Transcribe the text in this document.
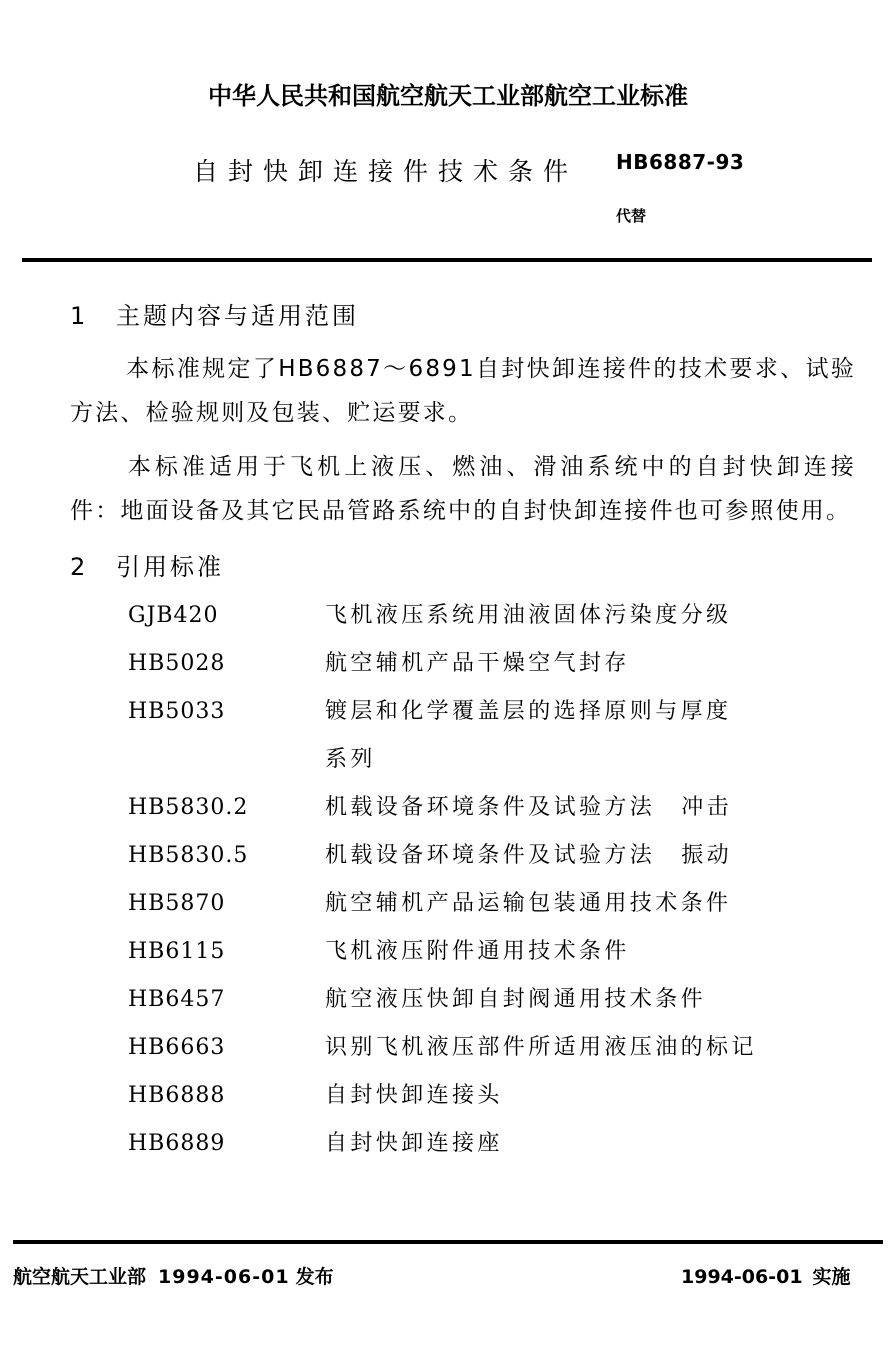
中华人民共和国航空航天工业部航空工业标准
自封快卸连接件技术条件 HB6887-93
代替
1 主题内容与适用范围

本标准规定了HB6887～6891自封快卸连接件的技术要求、试验方法、检验规则及包装、贮运要求。

本标准适用于飞机上液压、燃油、滑油系统中的自封快卸连接件：地面设备及其它民品管路系统中的自封快卸连接件也可参照使用。

2 引用标准
GJB420	飞机液压系统用油液固体污染度分级
HB5028	航空辅机产品干燥空气封存
HB5033	镀层和化学覆盖层的选择原则与厚度
系列
HB5830.2	机载设备环境条件及试验方法 冲击
HB5830.5	机载设备环境条件及试验方法 振动
HB5870	航空辅机产品运输包装通用技术条件
HB6115	飞机液压附件通用技术条件
HB6457	航空液压快卸自封阀通用技术条件
HB6663	识别飞机液压部件所适用液压油的标记
HB6888	自封快卸连接头
HB6889	自封快卸连接座
航空航天工业部 1994-06-01 发布	1994-06-01 实施
